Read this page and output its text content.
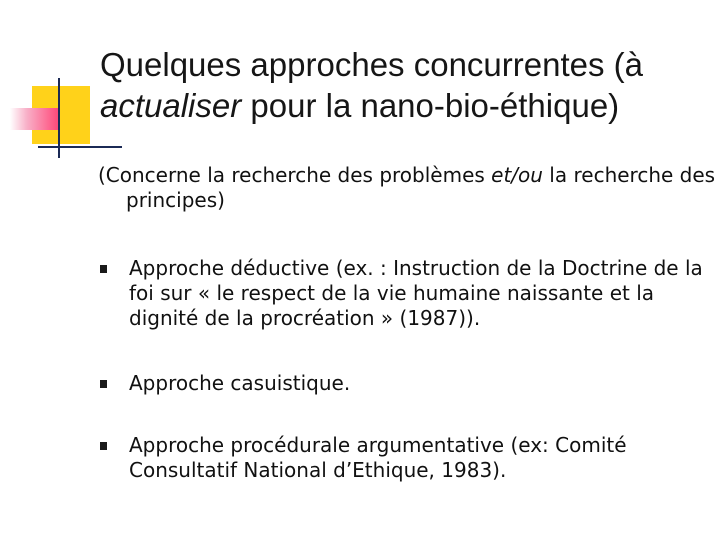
Quelques approches concurrentes (à
actualiser pour la nano-bio-éthique)

(Concerne la recherche des problèmes et/ou la recherche des principes)

Approche déductive (ex. : Instruction de la Doctrine de la foi sur « le respect de la vie humaine naissante et la dignité de la procréation » (1987)).
Approche casuistique.
Approche procédurale argumentative (ex: Comité Consultatif National d’Ethique, 1983).
